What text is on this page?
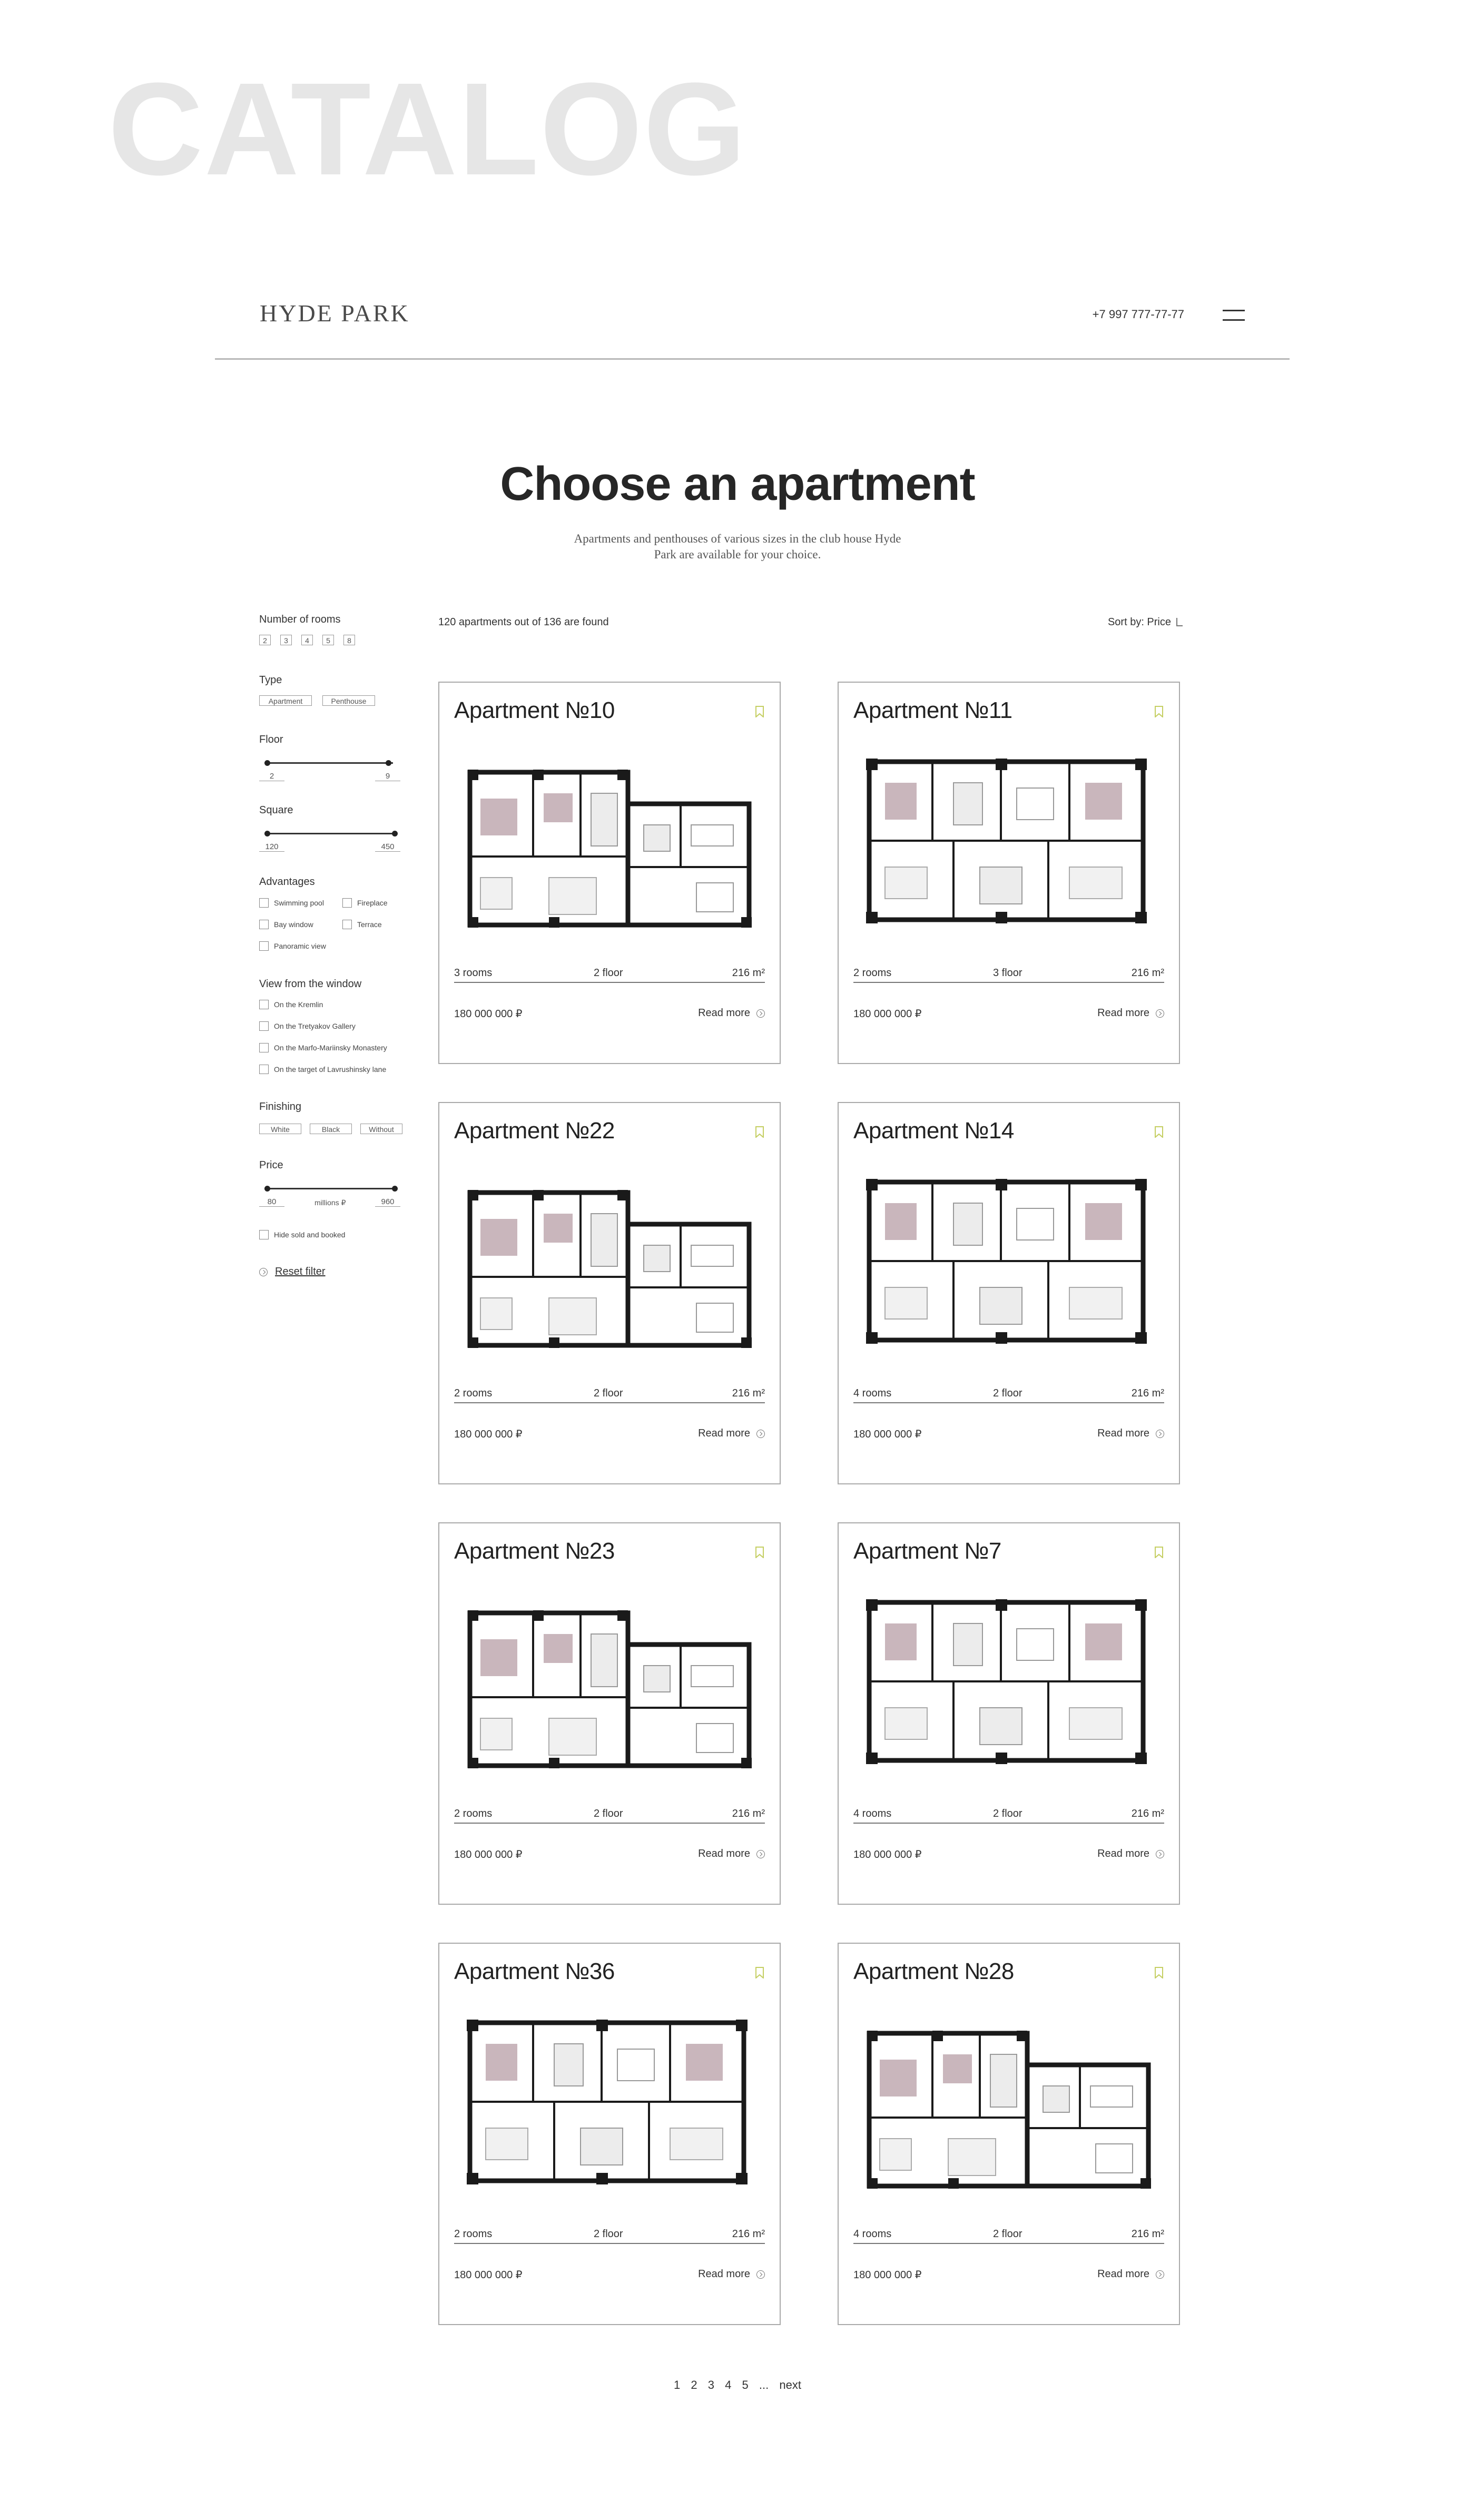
CATALOG
HYDE PARK	+7 997 777-77-77
Choose an apartment
Apartments and penthouses of various sizes in the club house Hyde Park are available for your choice.
Number of rooms
2	3	4	5	8
Type
Apartment	Penthouse
Floor
2	9
Square
120	450
Advantages
Swimming pool	Fireplace
Bay window	Terrace
Panoramic view
View from the window
On the Kremlin
On the Tretyakov Gallery
On the Marfo-Mariinsky Monastery
On the target of Lavrushinsky lane
Finishing
White	Black	Without
Price
80	millions ₽	960
Hide sold and booked
Reset filter
120 apartments out of 136 are found	Sort by: Price
Apartment №10
3 rooms	2 floor	216 m²
180 000 000 ₽	Read more
Apartment №11
2 rooms	3 floor	216 m²
180 000 000 ₽	Read more
Apartment №22
2 rooms	2 floor	216 m²
180 000 000 ₽	Read more
Apartment №14
4 rooms	2 floor	216 m²
180 000 000 ₽	Read more
Apartment №23
2 rooms	2 floor	216 m²
180 000 000 ₽	Read more
Apartment №7
4 rooms	2 floor	216 m²
180 000 000 ₽	Read more
Apartment №36
2 rooms	2 floor	216 m²
180 000 000 ₽	Read more
Apartment №28
4 rooms	2 floor	216 m²
180 000 000 ₽	Read more
1 2 3 4 5 ... next
